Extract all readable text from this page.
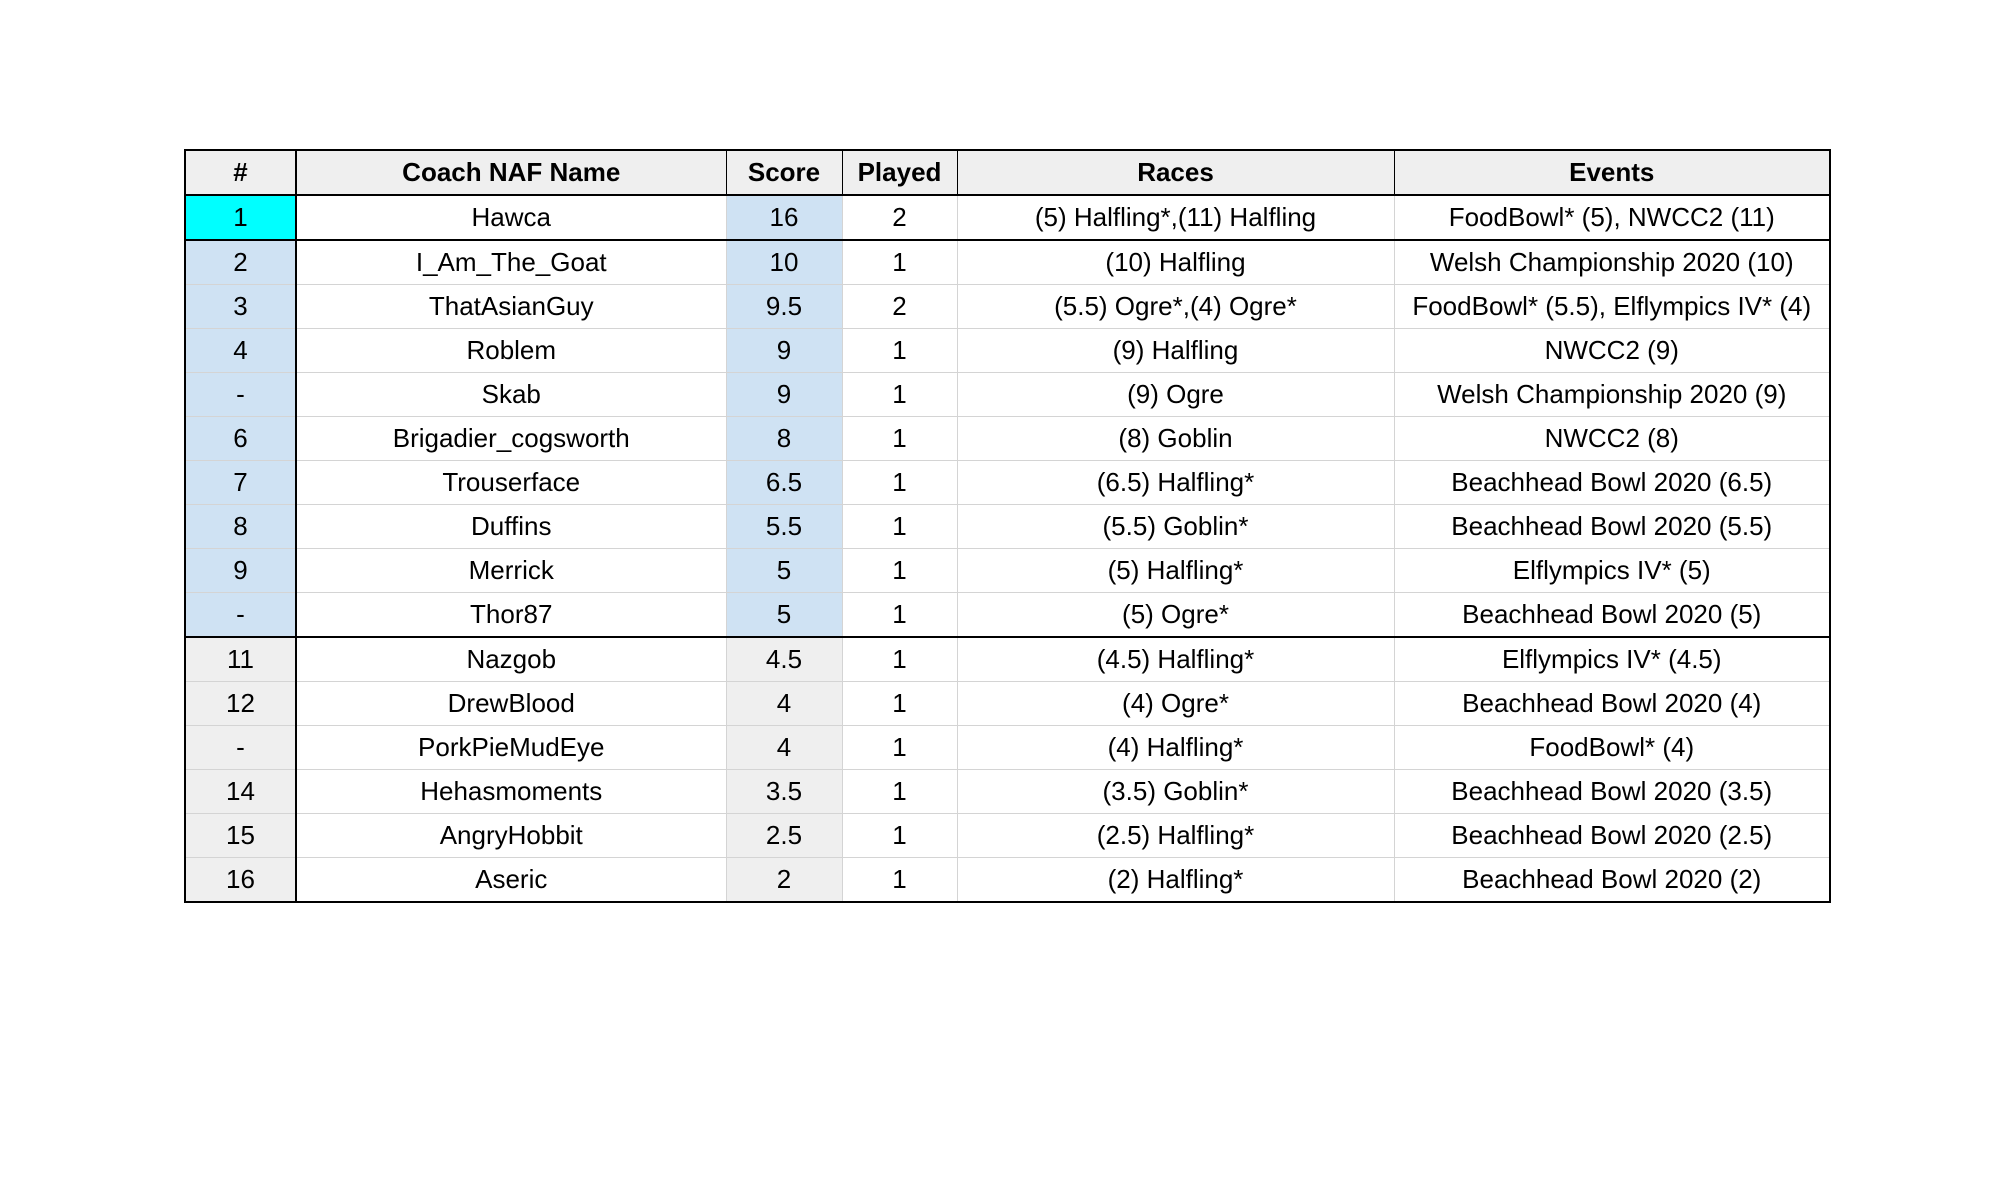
#	Coach NAF Name	Score	Played	Races	Events
1	Hawca	16	2	(5) Halfling*,(11) Halfling	FoodBowl* (5), NWCC2 (11)
2	I_Am_The_Goat	10	1	(10) Halfling	Welsh Championship 2020 (10)
3	ThatAsianGuy	9.5	2	(5.5) Ogre*,(4) Ogre*	FoodBowl* (5.5), Elflympics IV* (4)
4	Roblem	9	1	(9) Halfling	NWCC2 (9)
-	Skab	9	1	(9) Ogre	Welsh Championship 2020 (9)
6	Brigadier_cogsworth	8	1	(8) Goblin	NWCC2 (8)
7	Trouserface	6.5	1	(6.5) Halfling*	Beachhead Bowl 2020 (6.5)
8	Duffins	5.5	1	(5.5) Goblin*	Beachhead Bowl 2020 (5.5)
9	Merrick	5	1	(5) Halfling*	Elflympics IV* (5)
-	Thor87	5	1	(5) Ogre*	Beachhead Bowl 2020 (5)
11	Nazgob	4.5	1	(4.5) Halfling*	Elflympics IV* (4.5)
12	DrewBlood	4	1	(4) Ogre*	Beachhead Bowl 2020 (4)
-	PorkPieMudEye	4	1	(4) Halfling*	FoodBowl* (4)
14	Hehasmoments	3.5	1	(3.5) Goblin*	Beachhead Bowl 2020 (3.5)
15	AngryHobbit	2.5	1	(2.5) Halfling*	Beachhead Bowl 2020 (2.5)
16	Aseric	2	1	(2) Halfling*	Beachhead Bowl 2020 (2)
